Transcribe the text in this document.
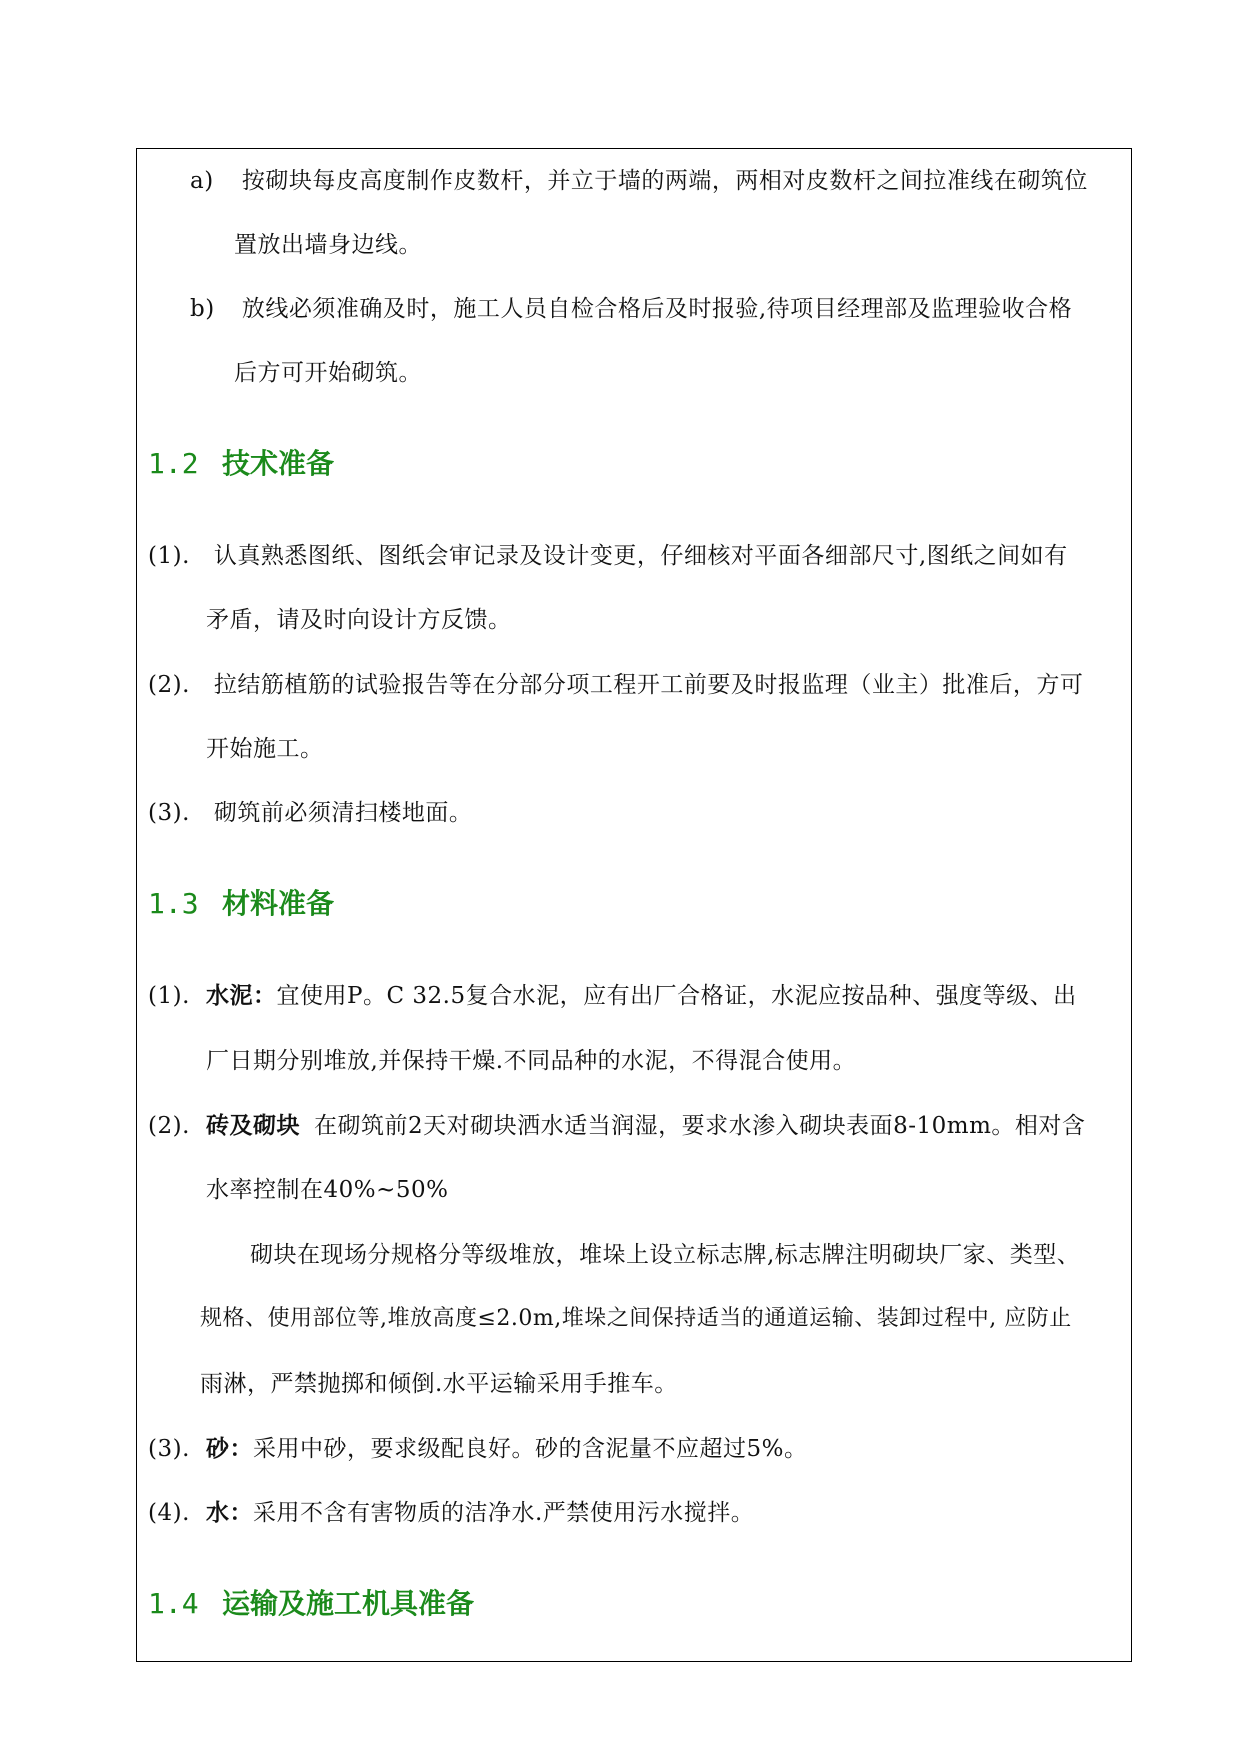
a) 按砌块每皮高度制作皮数杆，并立于墙的两端，两相对皮数杆之间拉准线在砌筑位
置放出墙身边线。
b) 放线必须准确及时，施工人员自检合格后及时报验,待项目经理部及监理验收合格
后方可开始砌筑。
1.2 技术准备
(1). 认真熟悉图纸、图纸会审记录及设计变更，仔细核对平面各细部尺寸,图纸之间如有
矛盾，请及时向设计方反馈。
(2). 拉结筋植筋的试验报告等在分部分项工程开工前要及时报监理（业主）批准后，方可
开始施工。
(3). 砌筑前必须清扫楼地面。
1.3 材料准备
(1). 水泥：宜使用P。C 32.5复合水泥，应有出厂合格证，水泥应按品种、强度等级、出
厂日期分别堆放,并保持干燥.不同品种的水泥，不得混合使用。
(2). 砖及砌块 在砌筑前2天对砌块洒水适当润湿，要求水渗入砌块表面8-10mm。相对含
水率控制在40%~50%
砌块在现场分规格分等级堆放，堆垛上设立标志牌,标志牌注明砌块厂家、类型、
规格、使用部位等,堆放高度≤2.0m,堆垛之间保持适当的通道运输、装卸过程中, 应防止
雨淋，严禁抛掷和倾倒.水平运输采用手推车。
(3). 砂：采用中砂，要求级配良好。砂的含泥量不应超过5%。
(4). 水：采用不含有害物质的洁净水.严禁使用污水搅拌。
1.4 运输及施工机具准备
